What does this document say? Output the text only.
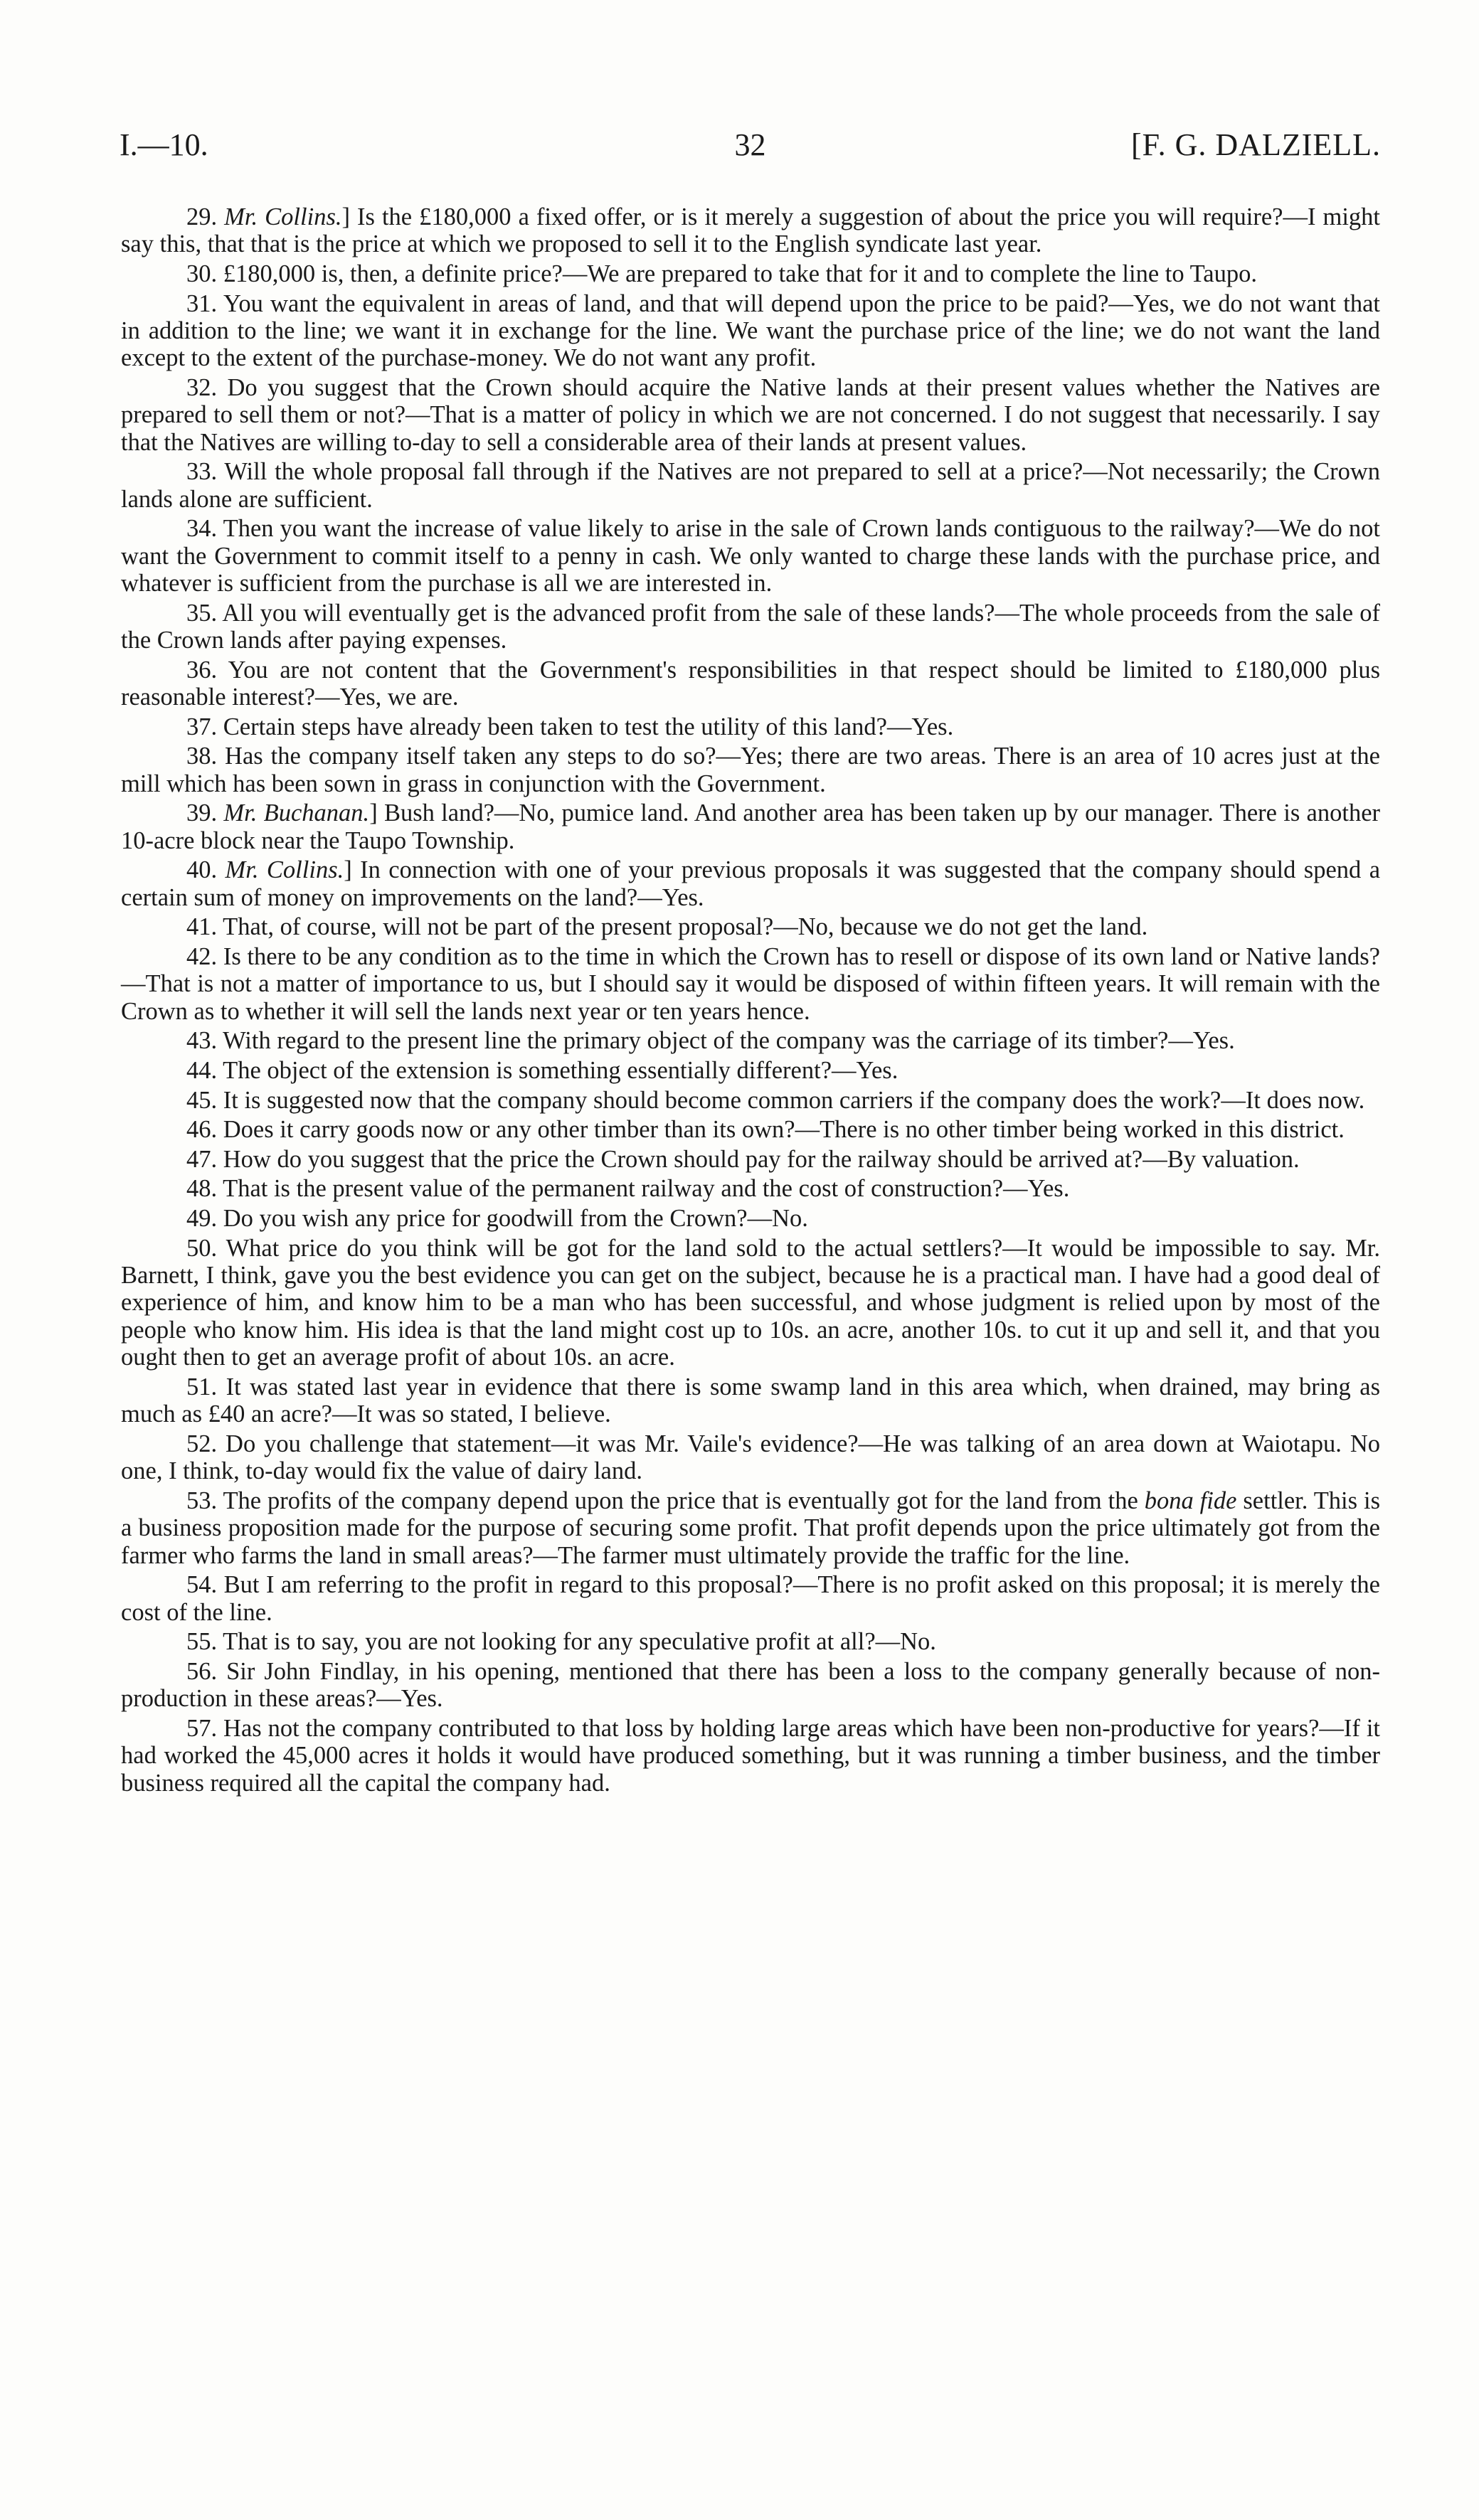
I.—10.	32	[F. G. DALZIELL.

29. Mr. Collins.] Is the £180,000 a fixed offer, or is it merely a suggestion of about the price you will require?—I might say this, that that is the price at which we proposed to sell it to the English syndicate last year.

30. £180,000 is, then, a definite price?—We are prepared to take that for it and to complete the line to Taupo.

31. You want the equivalent in areas of land, and that will depend upon the price to be paid?—Yes, we do not want that in addition to the line; we want it in exchange for the line. We want the purchase price of the line; we do not want the land except to the extent of the purchase-money. We do not want any profit.

32. Do you suggest that the Crown should acquire the Native lands at their present values whether the Natives are prepared to sell them or not?—That is a matter of policy in which we are not concerned. I do not suggest that necessarily. I say that the Natives are willing to-day to sell a considerable area of their lands at present values.

33. Will the whole proposal fall through if the Natives are not prepared to sell at a price?—Not necessarily; the Crown lands alone are sufficient.

34. Then you want the increase of value likely to arise in the sale of Crown lands contiguous to the railway?—We do not want the Government to commit itself to a penny in cash. We only wanted to charge these lands with the purchase price, and whatever is sufficient from the purchase is all we are interested in.

35. All you will eventually get is the advanced profit from the sale of these lands?—The whole proceeds from the sale of the Crown lands after paying expenses.

36. You are not content that the Government's responsibilities in that respect should be limited to £180,000 plus reasonable interest?—Yes, we are.

37. Certain steps have already been taken to test the utility of this land?—Yes.

38. Has the company itself taken any steps to do so?—Yes; there are two areas. There is an area of 10 acres just at the mill which has been sown in grass in conjunction with the Government.

39. Mr. Buchanan.] Bush land?—No, pumice land. And another area has been taken up by our manager. There is another 10-acre block near the Taupo Township.

40. Mr. Collins.] In connection with one of your previous proposals it was suggested that the company should spend a certain sum of money on improvements on the land?—Yes.

41. That, of course, will not be part of the present proposal?—No, because we do not get the land.

42. Is there to be any condition as to the time in which the Crown has to resell or dispose of its own land or Native lands?—That is not a matter of importance to us, but I should say it would be disposed of within fifteen years. It will remain with the Crown as to whether it will sell the lands next year or ten years hence.

43. With regard to the present line the primary object of the company was the carriage of its timber?—Yes.

44. The object of the extension is something essentially different?—Yes.

45. It is suggested now that the company should become common carriers if the company does the work?—It does now.

46. Does it carry goods now or any other timber than its own?—There is no other timber being worked in this district.

47. How do you suggest that the price the Crown should pay for the railway should be arrived at?—By valuation.

48. That is the present value of the permanent railway and the cost of construction?—Yes.

49. Do you wish any price for goodwill from the Crown?—No.

50. What price do you think will be got for the land sold to the actual settlers?—It would be impossible to say. Mr. Barnett, I think, gave you the best evidence you can get on the subject, because he is a practical man. I have had a good deal of experience of him, and know him to be a man who has been successful, and whose judgment is relied upon by most of the people who know him. His idea is that the land might cost up to 10s. an acre, another 10s. to cut it up and sell it, and that you ought then to get an average profit of about 10s. an acre.

51. It was stated last year in evidence that there is some swamp land in this area which, when drained, may bring as much as £40 an acre?—It was so stated, I believe.

52. Do you challenge that statement—it was Mr. Vaile's evidence?—He was talking of an area down at Waiotapu. No one, I think, to-day would fix the value of dairy land.

53. The profits of the company depend upon the price that is eventually got for the land from the bona fide settler. This is a business proposition made for the purpose of securing some profit. That profit depends upon the price ultimately got from the farmer who farms the land in small areas?—The farmer must ultimately provide the traffic for the line.

54. But I am referring to the profit in regard to this proposal?—There is no profit asked on this proposal; it is merely the cost of the line.

55. That is to say, you are not looking for any speculative profit at all?—No.

56. Sir John Findlay, in his opening, mentioned that there has been a loss to the company generally because of non-production in these areas?—Yes.

57. Has not the company contributed to that loss by holding large areas which have been non-productive for years?—If it had worked the 45,000 acres it holds it would have produced something, but it was running a timber business, and the timber business required all the capital the company had.
